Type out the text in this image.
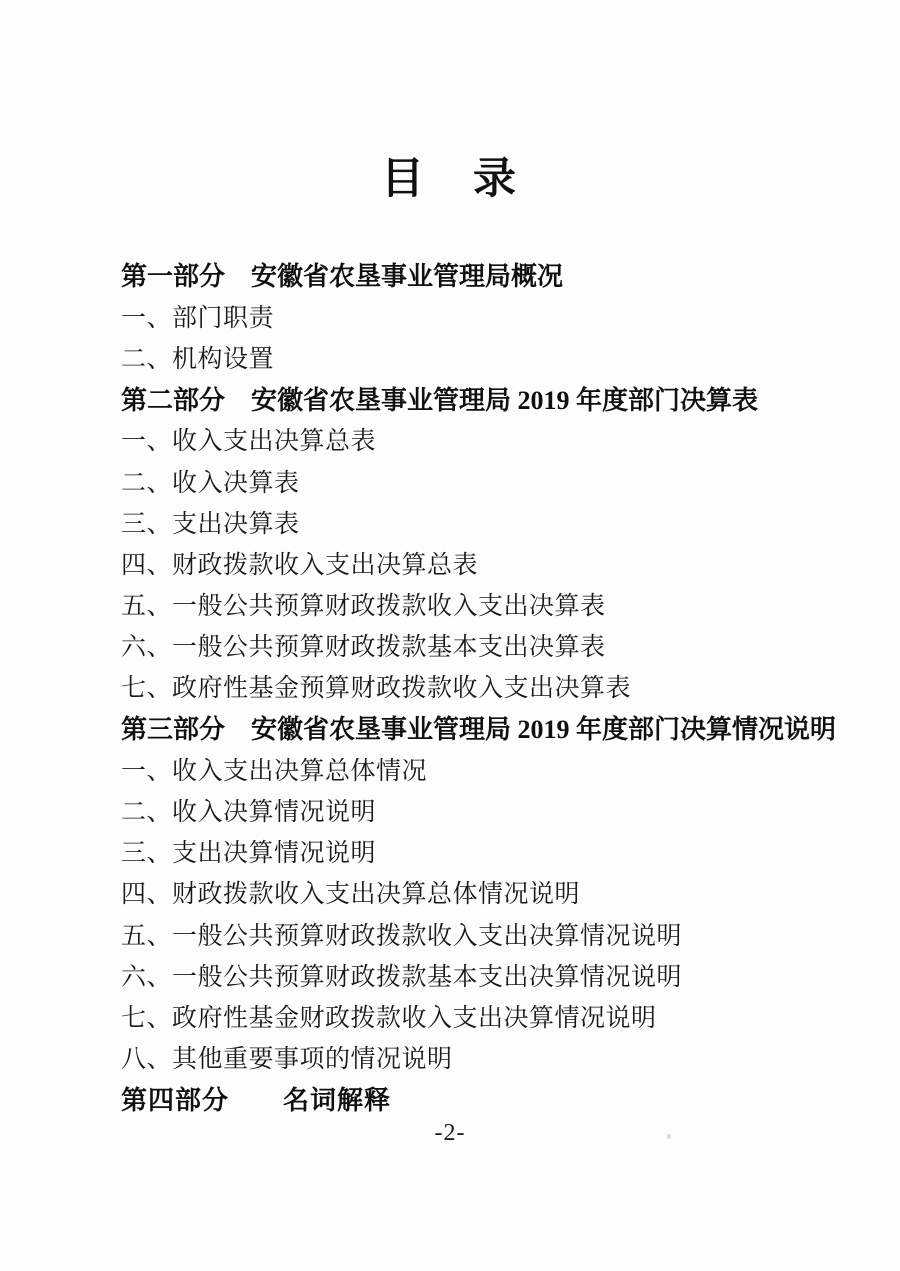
目　录
第一部分　安徽省农垦事业管理局概况
一、部门职责
二、机构设置
第二部分　安徽省农垦事业管理局 2019 年度部门决算表
一、收入支出决算总表
二、收入决算表
三、支出决算表
四、财政拨款收入支出决算总表
五、一般公共预算财政拨款收入支出决算表
六、一般公共预算财政拨款基本支出决算表
七、政府性基金预算财政拨款收入支出决算表
第三部分　安徽省农垦事业管理局 2019 年度部门决算情况说明
一、收入支出决算总体情况
二、收入决算情况说明
三、支出决算情况说明
四、财政拨款收入支出决算总体情况说明
五、一般公共预算财政拨款收入支出决算情况说明
六、一般公共预算财政拨款基本支出决算情况说明
七、政府性基金财政拨款收入支出决算情况说明
八、其他重要事项的情况说明
第四部分　　名词解释
-2-
